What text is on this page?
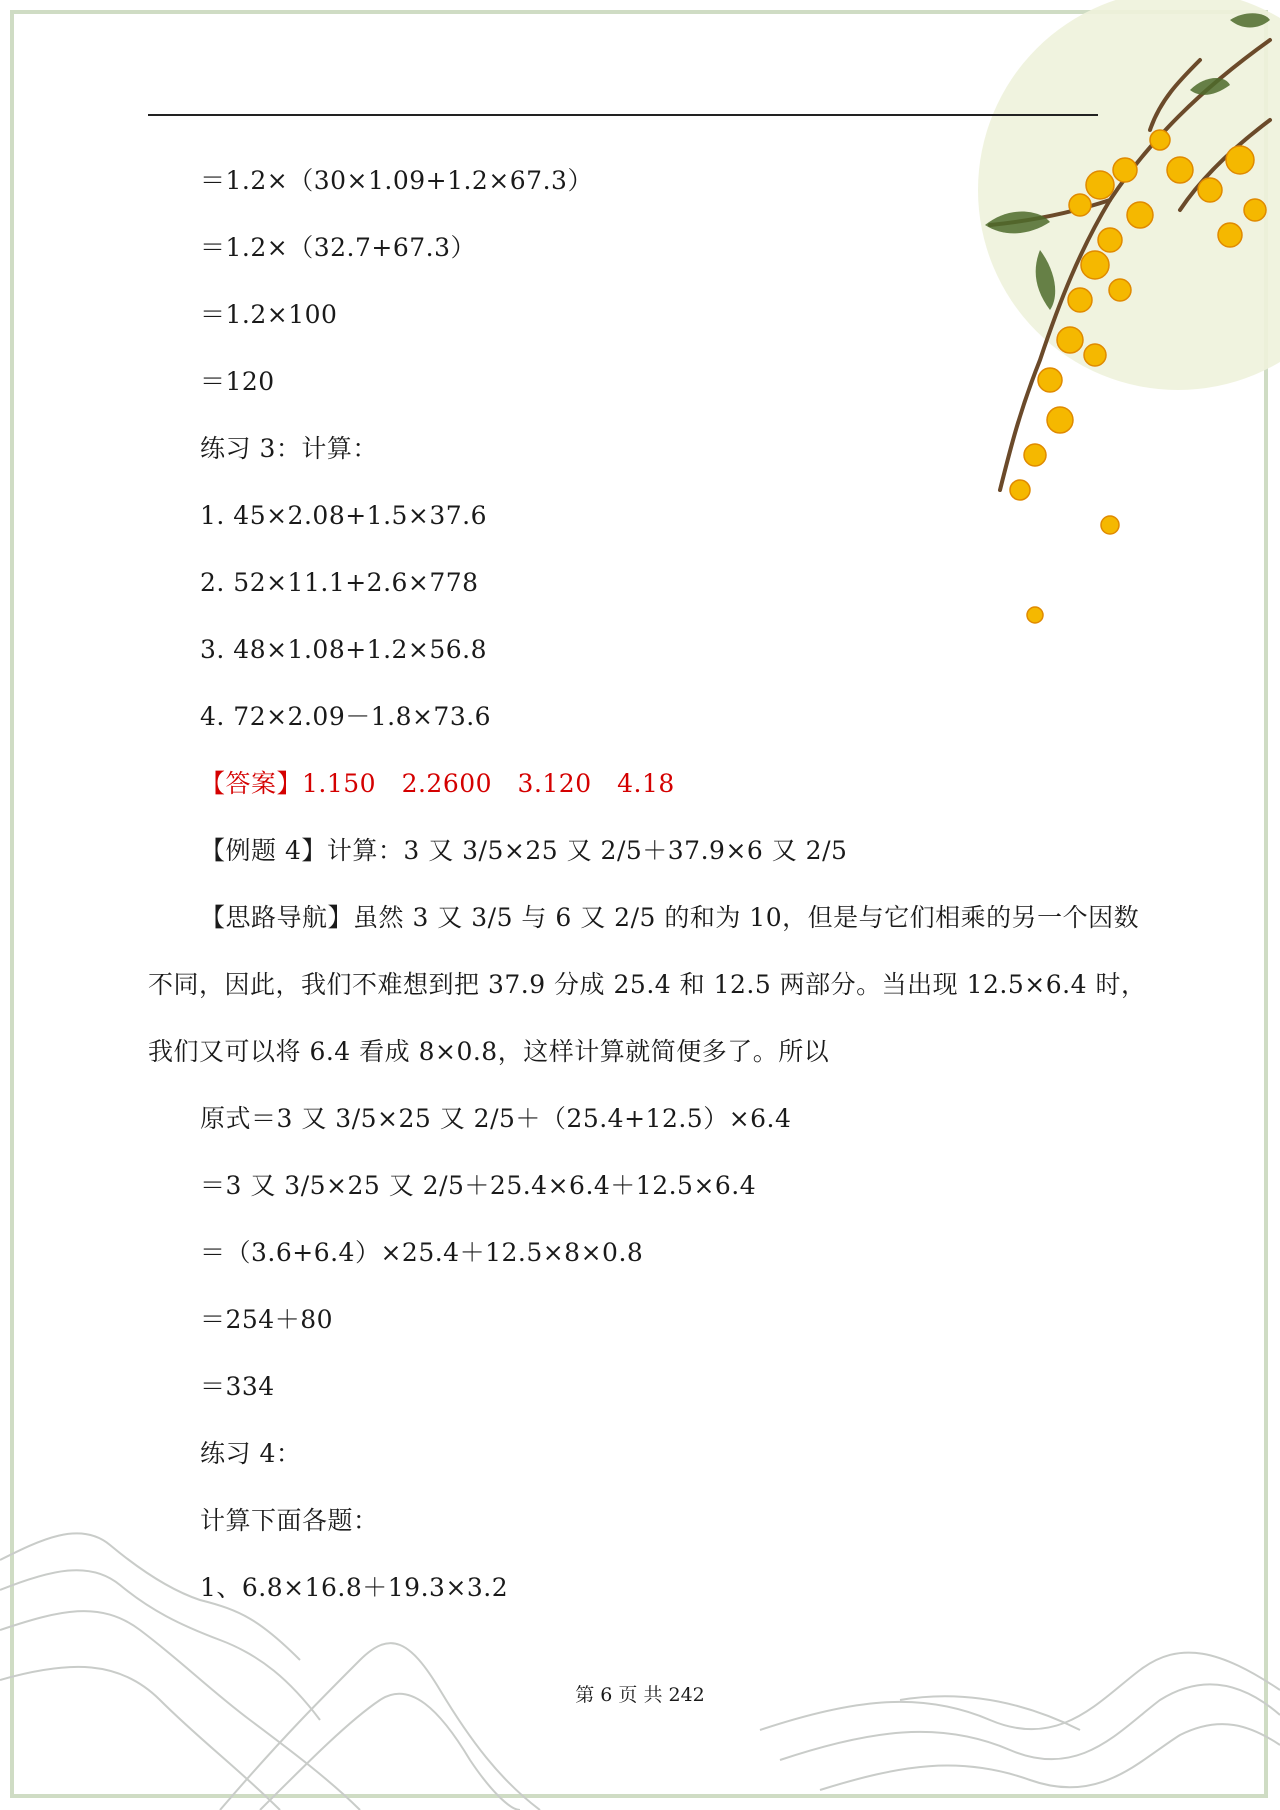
＝1.2×（30×1.09+1.2×67.3）
＝1.2×（32.7+67.3）
＝1.2×100
＝120
练习 3：计算：
1. 45×2.08+1.5×37.6
2. 52×11.1+2.6×778
3. 48×1.08+1.2×56.8
4. 72×2.09－1.8×73.6
【答案】1.150　2.2600　3.120　4.18
【例题 4】计算：3 又 3/5×25 又 2/5＋37.9×6 又 2/5
【思路导航】虽然 3 又 3/5 与 6 又 2/5 的和为 10，但是与它们相乘的另一个因数
不同，因此，我们不难想到把 37.9 分成 25.4 和 12.5 两部分。当出现 12.5×6.4 时，
我们又可以将 6.4 看成 8×0.8，这样计算就简便多了。所以
原式＝3 又 3/5×25 又 2/5＋（25.4+12.5）×6.4
＝3 又 3/5×25 又 2/5＋25.4×6.4＋12.5×6.4
＝（3.6+6.4）×25.4＋12.5×8×0.8
＝254＋80
＝334
练习 4：
计算下面各题：
1、6.8×16.8＋19.3×3.2
第 6 页 共 242
